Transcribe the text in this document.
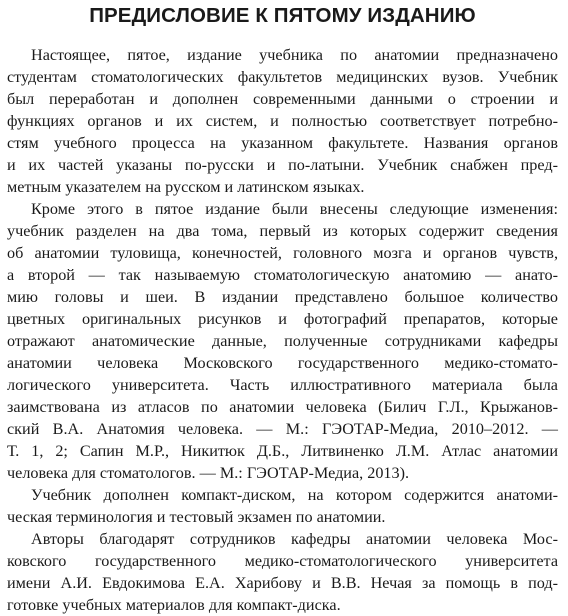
ПРЕДИСЛОВИЕ К ПЯТОМУ ИЗДАНИЮ
Настоящее, пятое, издание учебника по анатомии предназначено
студентам стоматологических факультетов медицинских вузов. Учебник
был переработан и дополнен современными данными о строении и
функциях органов и их систем, и полностью соответствует потребно-
стям учебного процесса на указанном факультете. Названия органов
и их частей указаны по-русски и по-латыни. Учебник снабжен пред-
метным указателем на русском и латинском языках.
Кроме этого в пятое издание были внесены следующие изменения:
учебник разделен на два тома, первый из которых содержит сведения
об анатомии туловища, конечностей, головного мозга и органов чувств,
а второй — так называемую стоматологическую анатомию — анато-
мию головы и шеи. В издании представлено большое количество
цветных оригинальных рисунков и фотографий препаратов, которые
отражают анатомические данные, полученные сотрудниками кафедры
анатомии человека Московского государственного медико-стомато-
логического университета. Часть иллюстративного материала была
заимствована из атласов по анатомии человека (Билич Г.Л., Крыжанов-
ский В.А. Анатомия человека. — М.: ГЭОТАР-Медиа, 2010–2012. —
Т. 1, 2; Сапин М.Р., Никитюк Д.Б., Литвиненко Л.М. Атлас анатомии
человека для стоматологов. — М.: ГЭОТАР-Медиа, 2013).
Учебник дополнен компакт-диском, на котором содержится анатоми-
ческая терминология и тестовый экзамен по анатомии.
Авторы благодарят сотрудников кафедры анатомии человека Мос-
ковского государственного медико-стоматологического университета
имени А.И. Евдокимова Е.А. Харибову и В.В. Нечая за помощь в под-
готовке учебных материалов для компакт-диска.
